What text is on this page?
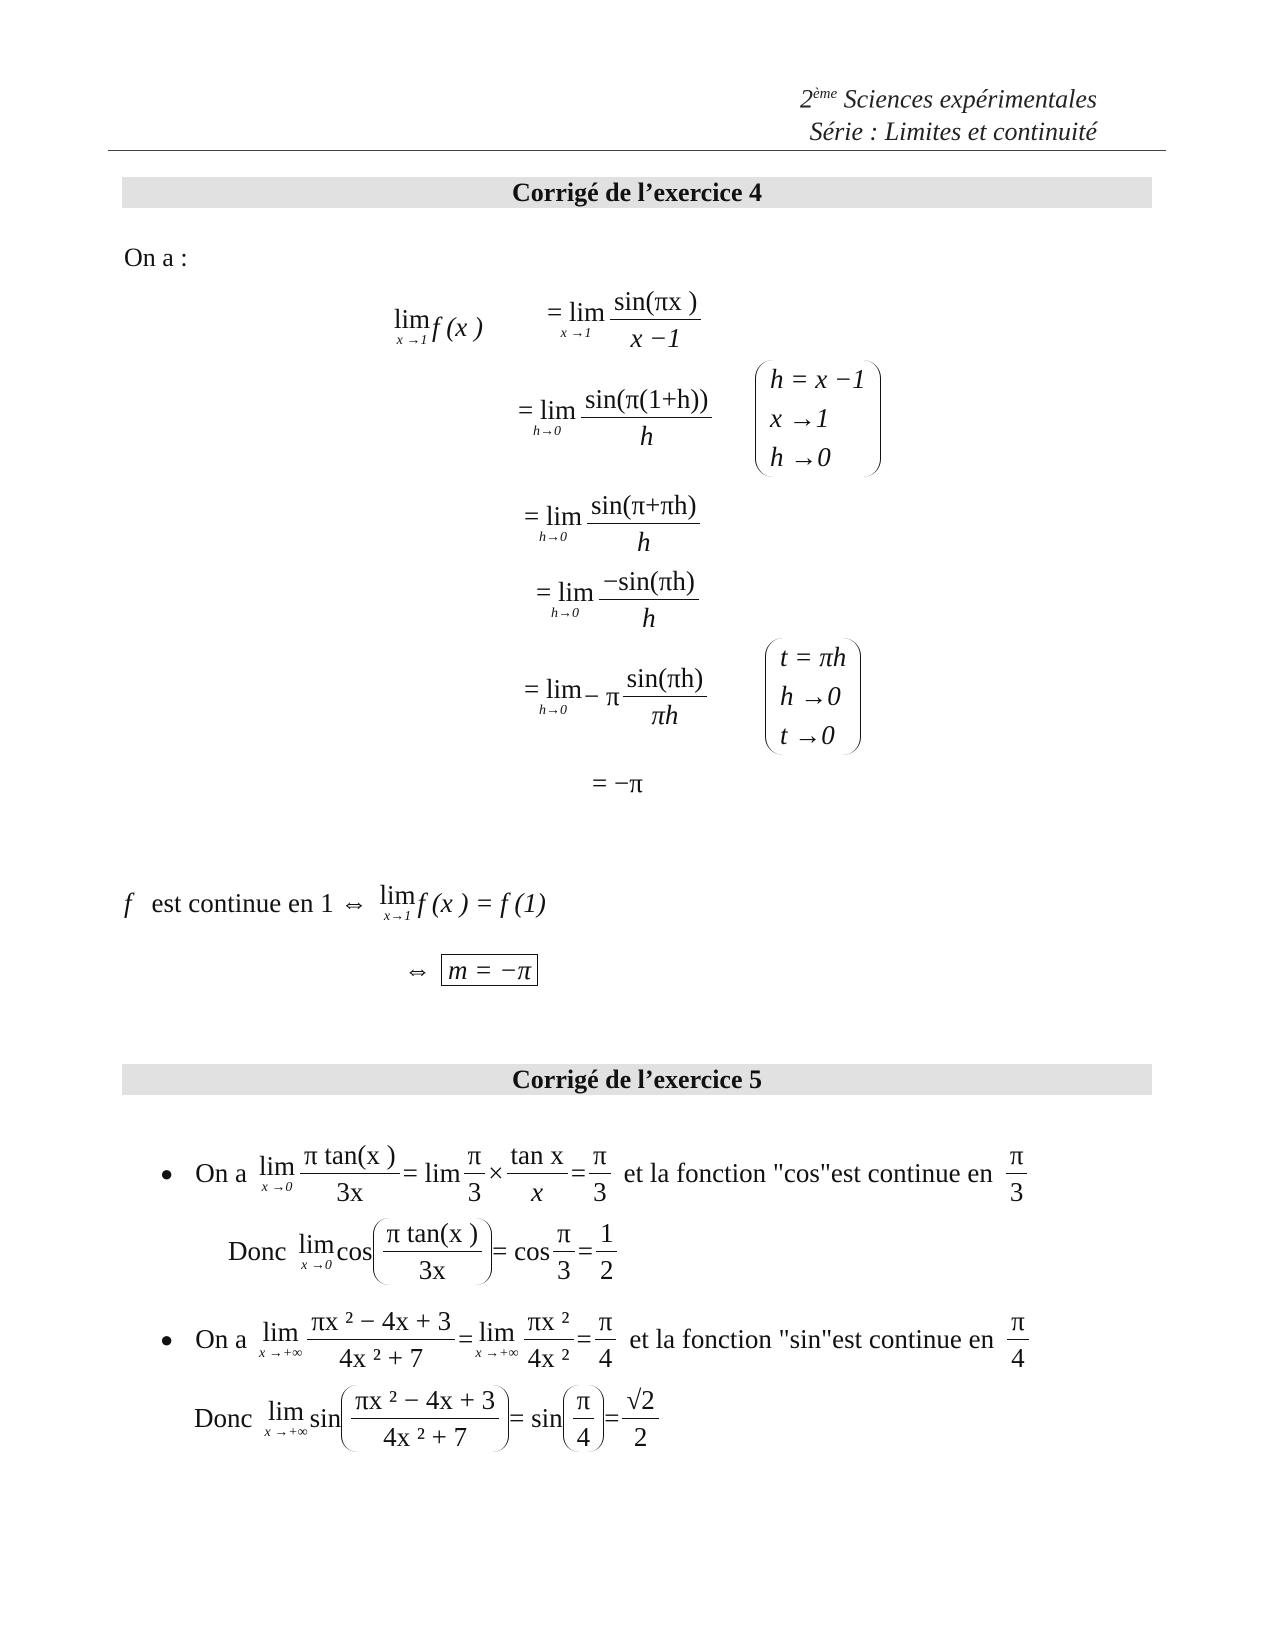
2ème Sciences expérimentales
Série : Limites et continuité
Corrigé de l’exercice 4
On a :
lim
x →1 f (x ) = lim
x →1
sin(πx )
x −1
= lim
h→0
sin(π(1+h))
h
h = x −1
x →1
h →0
= lim
h→0
sin(π+πh)
h
= lim
h→0
−sin(πh)
h
= lim
h→0 − π
sin(πh)
πh
t = πh
h →0
t →0
= −π
f est continue en 1 ⇔ lim
x→1 f (x ) = f (1)
⇔ m = −π
Corrigé de l’exercice 5
● On a lim
$x \to 0 \frac{\text{π tan(x )}}{3x} = \lim \frac{\pi}{3} \times \frac{\text{tan x}}{x} = \frac{\pi}{3}$ et la fonction "cos"est continue en
π
3
Donc lim
x →0 cos
π tan(x )
3x
= $\cos \frac{\pi}{3} = \frac{1}{2}$
● On a lim
x →+∞ $\frac{\text{πx ² − 4x + 3}}{\text{4x ² + 7}} = \lim$
x →+∞ $\frac{\text{πx ²}}{\text{4x ²}} = \frac{\pi}{4}$ et la fonction "sin"est continue en
π
4
Donc lim
x →+∞ sin
πx ² − 4x + 3
4x ² + 7
= sin
π
4
= $\frac{√2}{2}$
